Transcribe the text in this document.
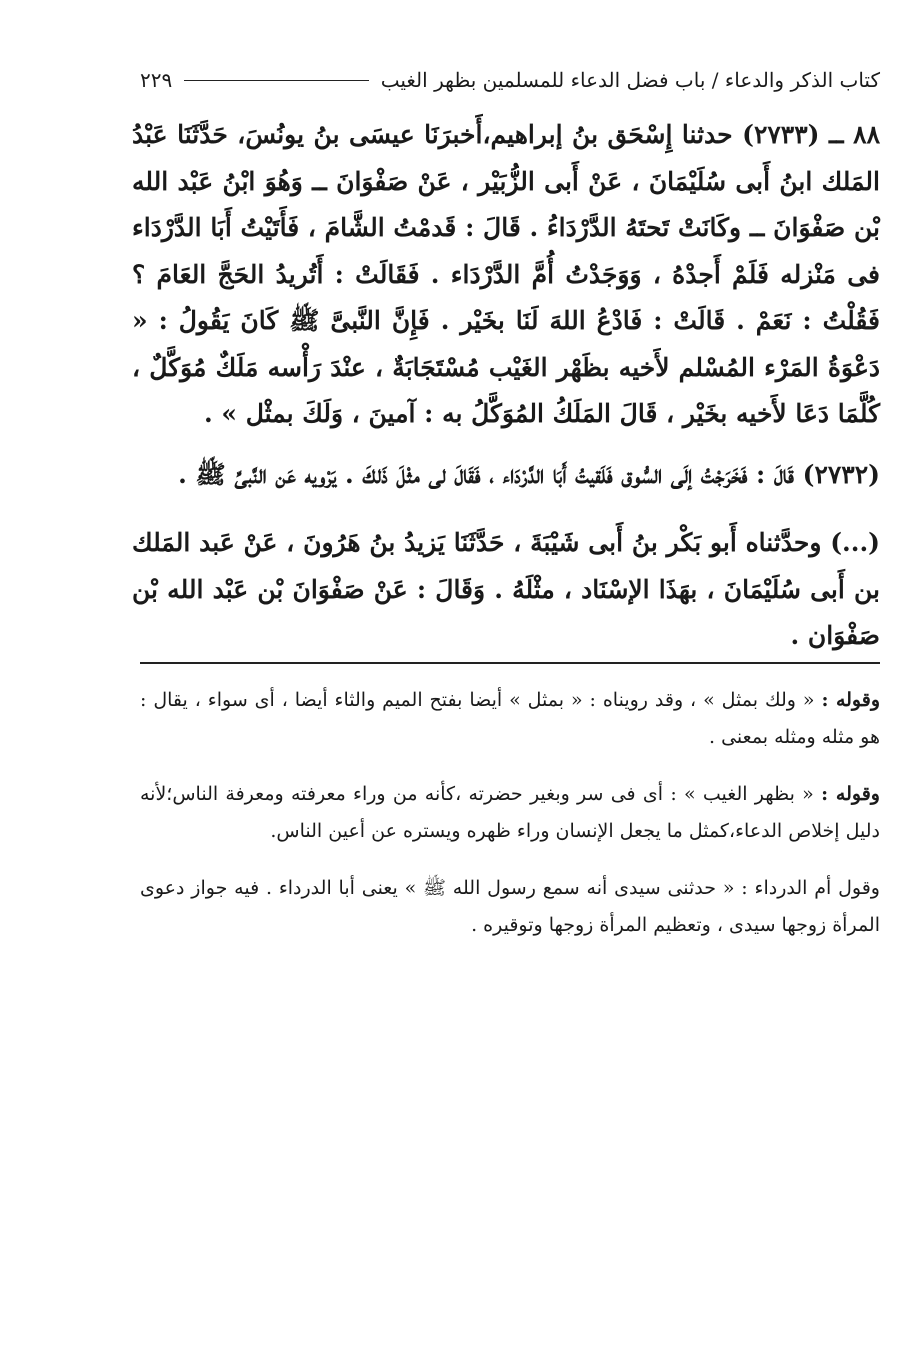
كتاب الذكر والدعاء / باب فضل الدعاء للمسلمين بظهر الغيب
٢٢٩

٨٨ ــ (٢٧٣٣) حدثنا إِسْحَق بنُ إبراهيم،أَخبرَنَا عيسَى بنُ يونُسَ، حَدَّثَنَا عَبْدُ المَلك ابنُ أَبى سُلَيْمَانَ ، عَنْ أَبى الزُّبَيْر ، عَنْ صَفْوَانَ ــ وَهُوَ ابْنُ عَبْد الله بْن صَفْوَانَ ــ وكَانَتْ تَحتَهُ الدَّرْدَاءُ . قَالَ : قَدمْتُ الشَّامَ ، فَأَتَيْتُ أَبَا الدَّرْدَاء فى مَنْزله فَلَمْ أَجدْهُ ، وَوَجَدْتُ أُمَّ الدَّرْدَاء . فَقَالَتْ : أَتُريدُ الحَجَّ العَامَ ؟ فَقُلْتُ : نَعَمْ . قَالَتْ : فَادْعُ اللهَ لَنَا بخَيْر . فَإِنَّ النَّبىَّ ﷺ كَانَ يَقُولُ : « دَعْوَةُ المَرْء المُسْلم لأَخيه بظَهْر الغَيْب مُسْتَجَابَةٌ ، عنْدَ رَأْسه مَلَكٌ مُوَكَّلٌ ، كُلَّمَا دَعَا لأَخيه بخَيْر ، قَالَ المَلَكُ المُوَكَّلُ به : آمينَ ، وَلَكَ بمثْل » .

(٢٧٣٢) قَالَ : فَخَرَجْتُ إلَى السُّوق فَلَقيتُ أَبَا الدَّرْدَاء ، فَقَالَ لى مثْلَ ذَلكَ . يَرْويه عَن النَّبىِّ ﷺ .

(...) وحدَّثناه أَبو بَكْر بنُ أَبى شَيْبَةَ ، حَدَّثَنَا يَزيدُ بنُ هَرُونَ ، عَنْ عَبد المَلك بن أَبى سُلَيْمَانَ ، بهَذَا الإسْنَاد ، مثْلَهُ . وَقَالَ : عَنْ صَفْوَانَ بْن عَبْد الله بْن صَفْوَان .

وقوله : « ولك بمثل » ، وقد رويناه : « بمثل » أيضا بفتح الميم والثاء أيضا ، أى سواء ، يقال : هو مثله ومثله بمعنى .

وقوله : « بظهر الغيب » : أى فى سر وبغير حضرته ،كأنه من وراء معرفته ومعرفة الناس؛لأنه دليل إخلاص الدعاء،كمثل ما يجعل الإنسان وراء ظهره ويستره عن أعين الناس.

وقول أم الدرداء : « حدثنى سيدى أنه سمع رسول الله ﷺ » يعنى أبا الدرداء . فيه جواز دعوى المرأة زوجها سيدى ، وتعظيم المرأة زوجها وتوقيره .
